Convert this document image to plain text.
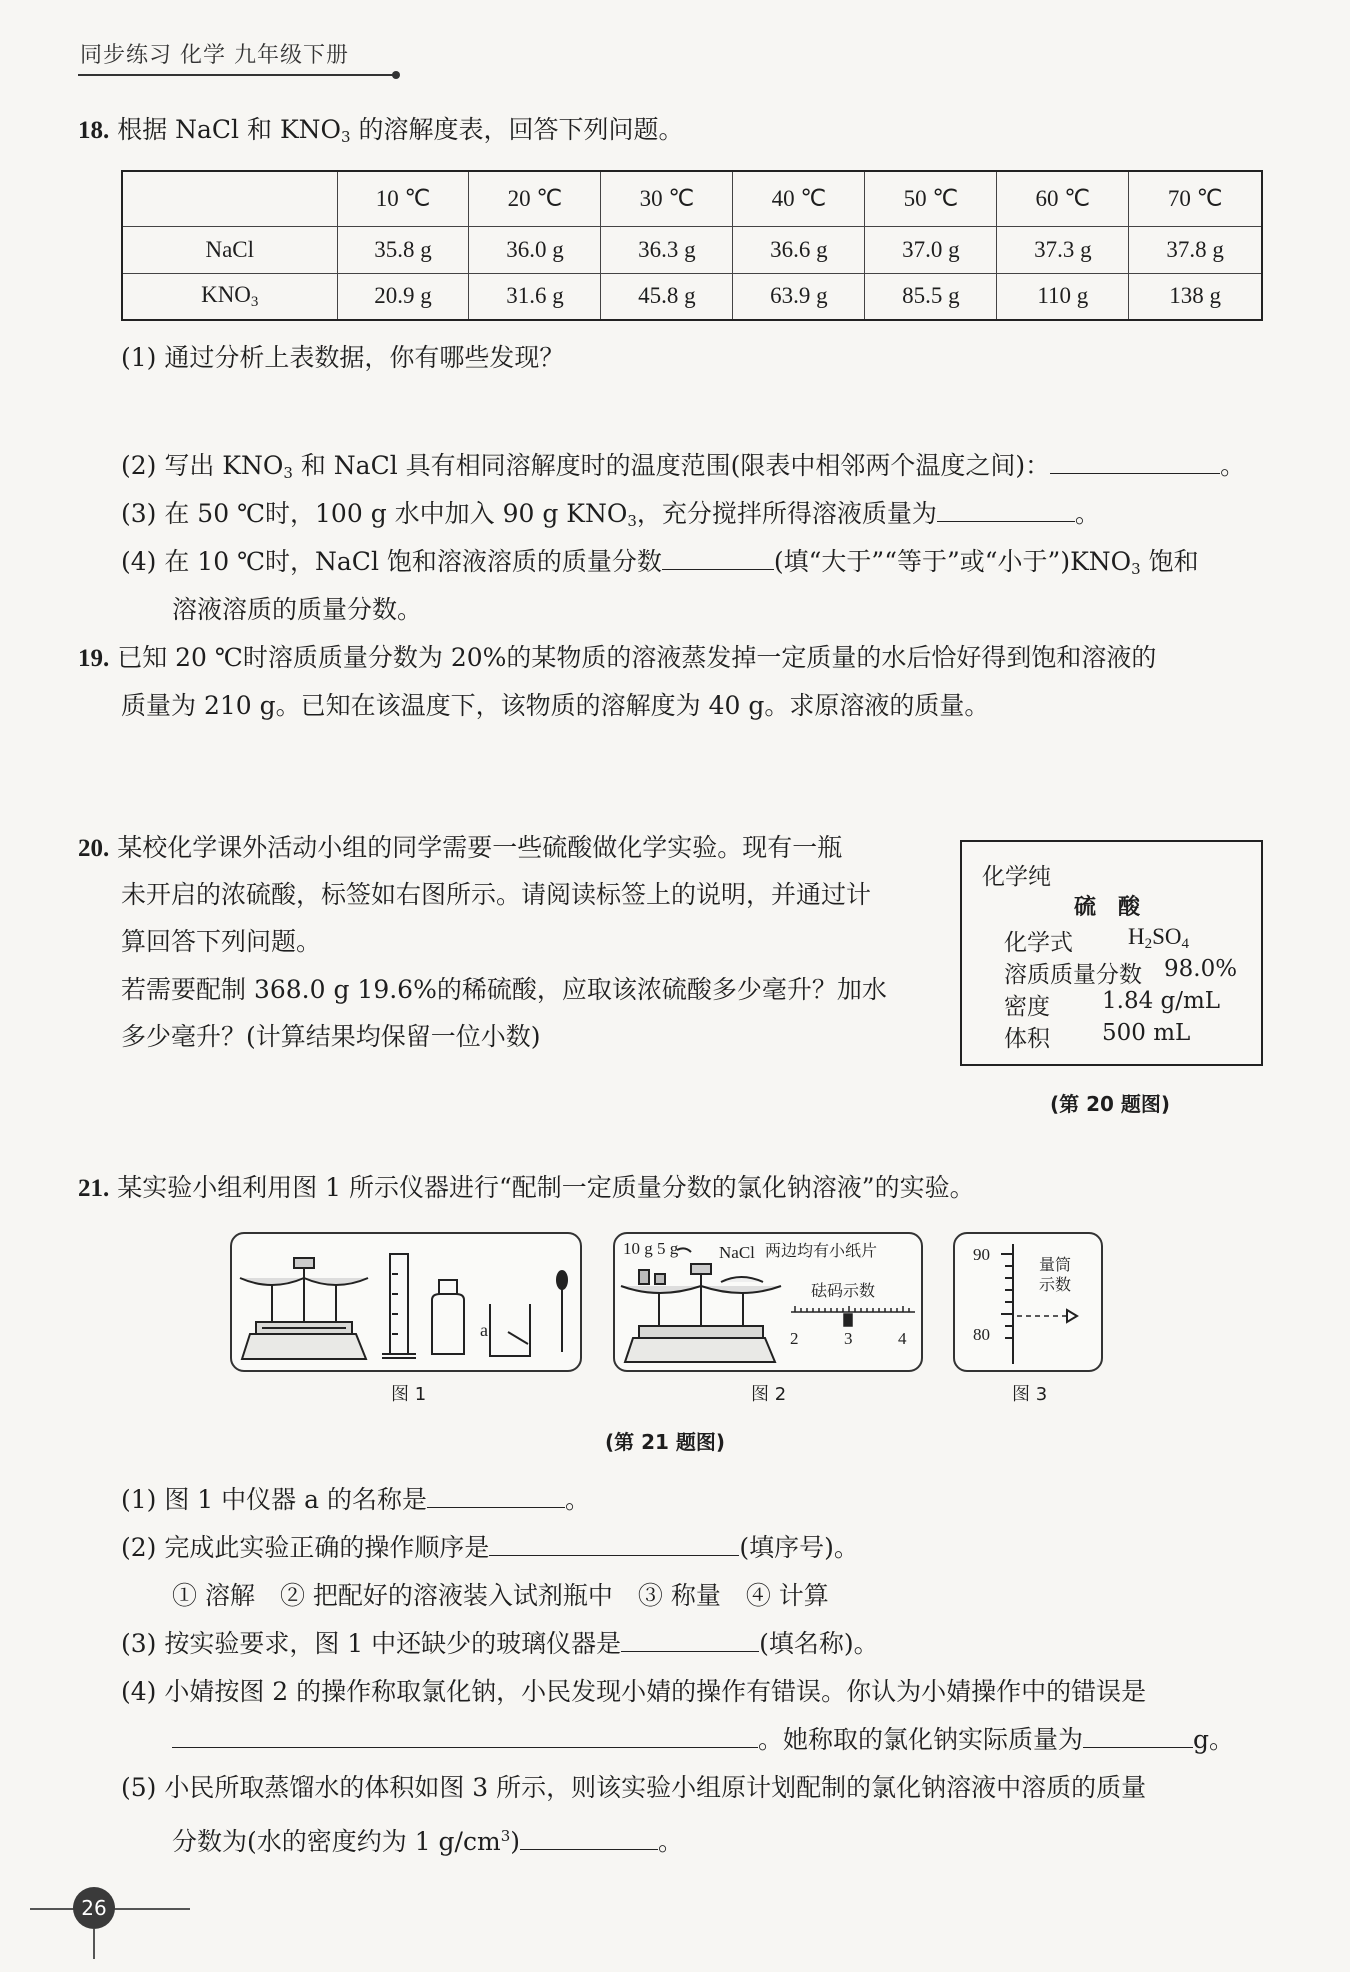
同步练习 化学 九年级下册
18. 根据 NaCl 和 $KNO_3$ 的溶解度表，回答下列问题。
	10 ℃	20 ℃	30 ℃	40 ℃	50 ℃	60 ℃	70 ℃
NaCl	35.8 g	36.0 g	36.3 g	36.6 g	37.0 g	37.3 g	37.8 g
$KNO_3$	20.9 g	31.6 g	45.8 g	63.9 g	85.5 g	110 g	138 g
(1) 通过分析上表数据，你有哪些发现？
(2) 写出 $KNO_3$ 和 NaCl 具有相同溶解度时的温度范围(限表中相邻两个温度之间)：	。
(3) 在 50 ℃时，100 g 水中加入 90 g $KNO_3$，充分搅拌所得溶液质量为	。
(4) 在 10 ℃时，NaCl 饱和溶液溶质的质量分数	(填“大于”“等于”或“小于$”)KNO_3$ 饱和
溶液溶质的质量分数。
19. 已知 20 ℃时溶质质量分数为 20%的某物质的溶液蒸发掉一定质量的水后恰好得到饱和溶液的
质量为 210 g。已知在该温度下，该物质的溶解度为 40 g。求原溶液的质量。
20. 某校化学课外活动小组的同学需要一些硫酸做化学实验。现有一瓶
未开启的浓硫酸，标签如右图所示。请阅读标签上的说明，并通过计
算回答下列问题。
若需要配制 368.0 g 19.6%的稀硫酸，应取该浓硫酸多少毫升？加水
多少毫升？(计算结果均保留一位小数)
化学纯
硫　酸
化学式 $H_2SO_4$
溶质质量分数 98.0%
密度 1.84 g/mL
体积 500 mL
(第 20 题图)
21. 某实验小组利用图 1 所示仪器进行“配制一定质量分数的氯化钠溶液”的实验。
a
图 1
10 g 5 g NaCl 两边均有小纸片
砝码示数
2	3	4
图 2
90
80
量筒
示数
图 3
(第 21 题图)
(1) 图 1 中仪器 a 的名称是	。
(2) 完成此实验正确的操作顺序是	(填序号)。
① 溶解　② 把配好的溶液装入试剂瓶中　③ 称量　④ 计算
(3) 按实验要求，图 1 中还缺少的玻璃仪器是	(填名称)。
(4) 小婧按图 2 的操作称取氯化钠，小民发现小婧的操作有错误。你认为小婧操作中的错误是
。她称取的氯化钠实际质量为	g。
(5) 小民所取蒸馏水的体积如图 3 所示，则该实验小组原计划配制的氯化钠溶液中溶质的质量
分数为(水的密度约为 1 $g/cm^3$)	。
26
